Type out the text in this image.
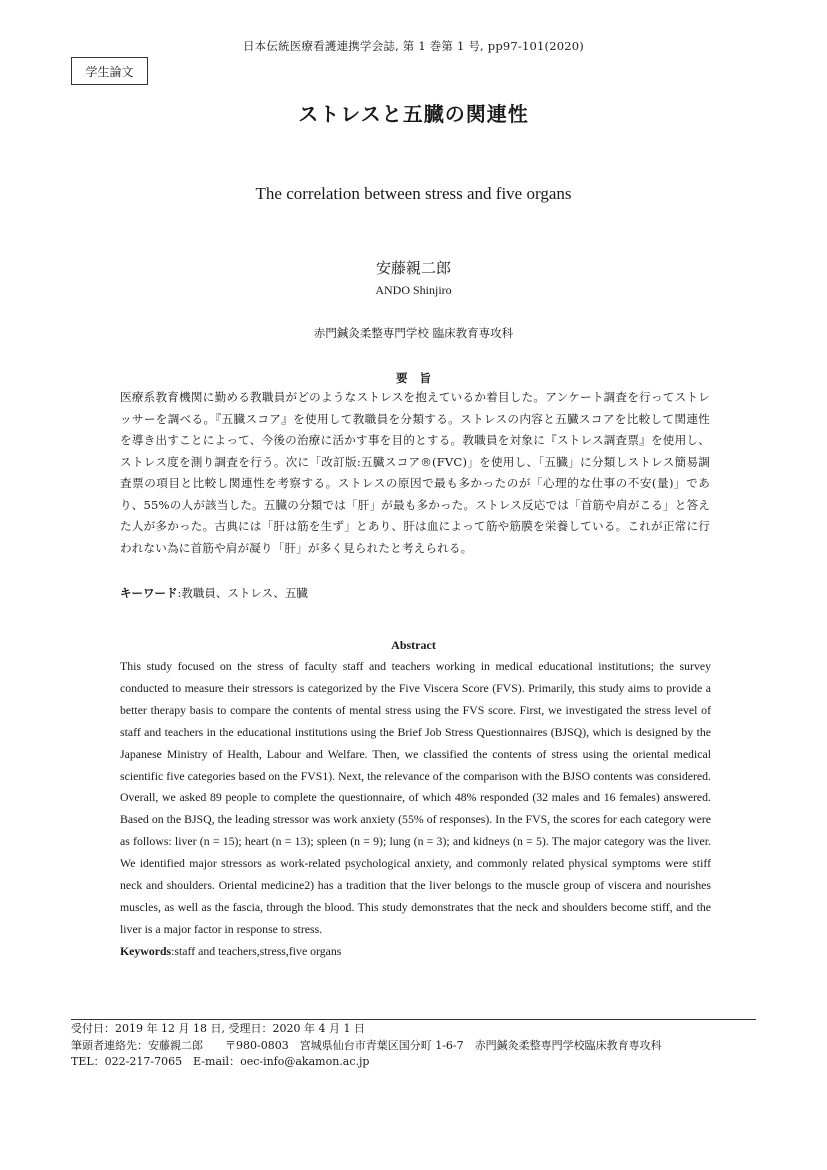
日本伝統医療看護連携学会誌, 第 1 巻第 1 号, pp97-101(2020)
学生論文
ストレスと五臓の関連性
The correlation between stress and five organs
安藤親二郎
ANDO Shinjiro
赤門鍼灸柔整専門学校 臨床教育専攻科
要 旨
医療系教育機関に勤める教職員がどのようなストレスを抱えているか着目した。アンケート調査を行ってストレッサーを調べる。『五臓スコア』を使用して教職員を分類する。ストレスの内容と五臓スコアを比較して関連性を導き出すことによって、今後の治療に活かす事を目的とする。教職員を対象に『ストレス調査票』を使用し、ストレス度を測り調査を行う。次に「改訂版:五臓スコア®(FVC)」を使用し、「五臓」に分類しストレス簡易調査票の項目と比較し関連性を考察する。ストレスの原因で最も多かったのが「心理的な仕事の不安(量)」であり、55%の人が該当した。五臓の分類では「肝」が最も多かった。ストレス反応では「首筋や肩がこる」と答えた人が多かった。古典には「肝は筋を生ず」とあり、肝は血によって筋や筋膜を栄養している。これが正常に行われない為に首筋や肩が凝り「肝」が多く見られたと考えられる。
キーワード:教職員、ストレス、五臓
Abstract
This study focused on the stress of faculty staff and teachers working in medical educational institutions; the survey conducted to measure their stressors is categorized by the Five Viscera Score (FVS). Primarily, this study aims to provide a better therapy basis to compare the contents of mental stress using the FVS score. First, we investigated the stress level of staff and teachers in the educational institutions using the Brief Job Stress Questionnaires (BJSQ), which is designed by the Japanese Ministry of Health, Labour and Welfare. Then, we classified the contents of stress using the oriental medical scientific five categories based on the FVS1). Next, the relevance of the comparison with the BJSO contents was considered. Overall, we asked 89 people to complete the questionnaire, of which 48% responded (32 males and 16 females) answered. Based on the BJSQ, the leading stressor was work anxiety (55% of responses). In the FVS, the scores for each category were as follows: liver (n = 15); heart (n = 13); spleen (n = 9); lung (n = 3); and kidneys (n = 5). The major category was the liver. We identified major stressors as work-related psychological anxiety, and commonly related physical symptoms were stiff neck and shoulders. Oriental medicine2) has a tradition that the liver belongs to the muscle group of viscera and nourishes muscles, as well as the fascia, through the blood. This study demonstrates that the neck and shoulders become stiff, and the liver is a major factor in response to stress.
Keywords:staff and teachers,stress,five organs
受付日：2019 年 12 月 18 日, 受理日：2020 年 4 月 1 日
筆頭者連絡先：安藤親二郎　　〒980-0803　宮城県仙台市青葉区国分町 1-6-7　赤門鍼灸柔整専門学校臨床教育専攻科
TEL：022-217-7065　E-mail：oec-info@akamon.ac.jp
